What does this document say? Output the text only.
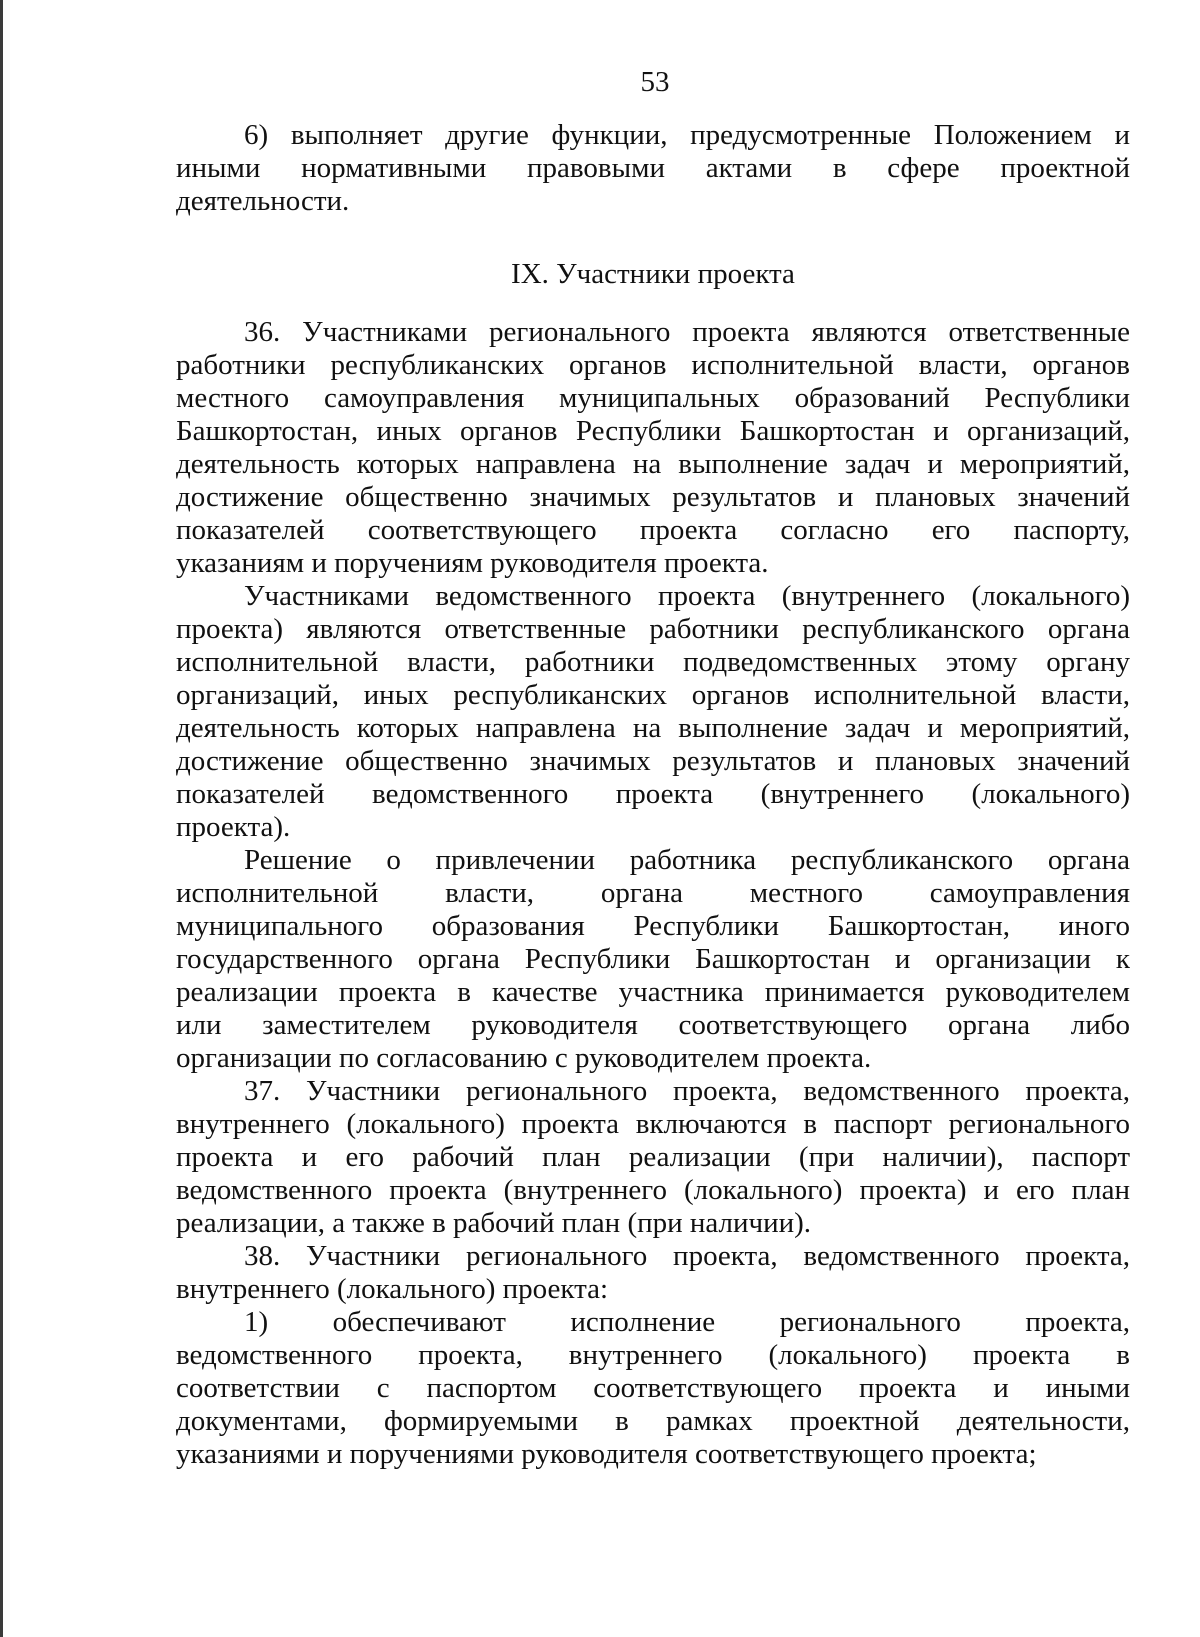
53
6) выполняет другие функции, предусмотренные Положением и
иными нормативными правовыми актами в сфере проектной
деятельности.
IX. Участники проекта
36. Участниками регионального проекта являются ответственные
работники республиканских органов исполнительной власти, органов
местного самоуправления муниципальных образований Республики
Башкортостан, иных органов Республики Башкортостан и организаций,
деятельность которых направлена на выполнение задач и мероприятий,
достижение общественно значимых результатов и плановых значений
показателей соответствующего проекта согласно его паспорту,
указаниям и поручениям руководителя проекта.
Участниками ведомственного проекта (внутреннего (локального)
проекта) являются ответственные работники республиканского органа
исполнительной власти, работники подведомственных этому органу
организаций, иных республиканских органов исполнительной власти,
деятельность которых направлена на выполнение задач и мероприятий,
достижение общественно значимых результатов и плановых значений
показателей ведомственного проекта (внутреннего (локального)
проекта).
Решение о привлечении работника республиканского органа
исполнительной власти, органа местного самоуправления
муниципального образования Республики Башкортостан, иного
государственного органа Республики Башкортостан и организации к
реализации проекта в качестве участника принимается руководителем
или заместителем руководителя соответствующего органа либо
организации по согласованию с руководителем проекта.
37. Участники регионального проекта, ведомственного проекта,
внутреннего (локального) проекта включаются в паспорт регионального
проекта и его рабочий план реализации (при наличии), паспорт
ведомственного проекта (внутреннего (локального) проекта) и его план
реализации, а также в рабочий план (при наличии).
38. Участники регионального проекта, ведомственного проекта,
внутреннего (локального) проекта:
1) обеспечивают исполнение регионального проекта,
ведомственного проекта, внутреннего (локального) проекта в
соответствии с паспортом соответствующего проекта и иными
документами, формируемыми в рамках проектной деятельности,
указаниями и поручениями руководителя соответствующего проекта;
